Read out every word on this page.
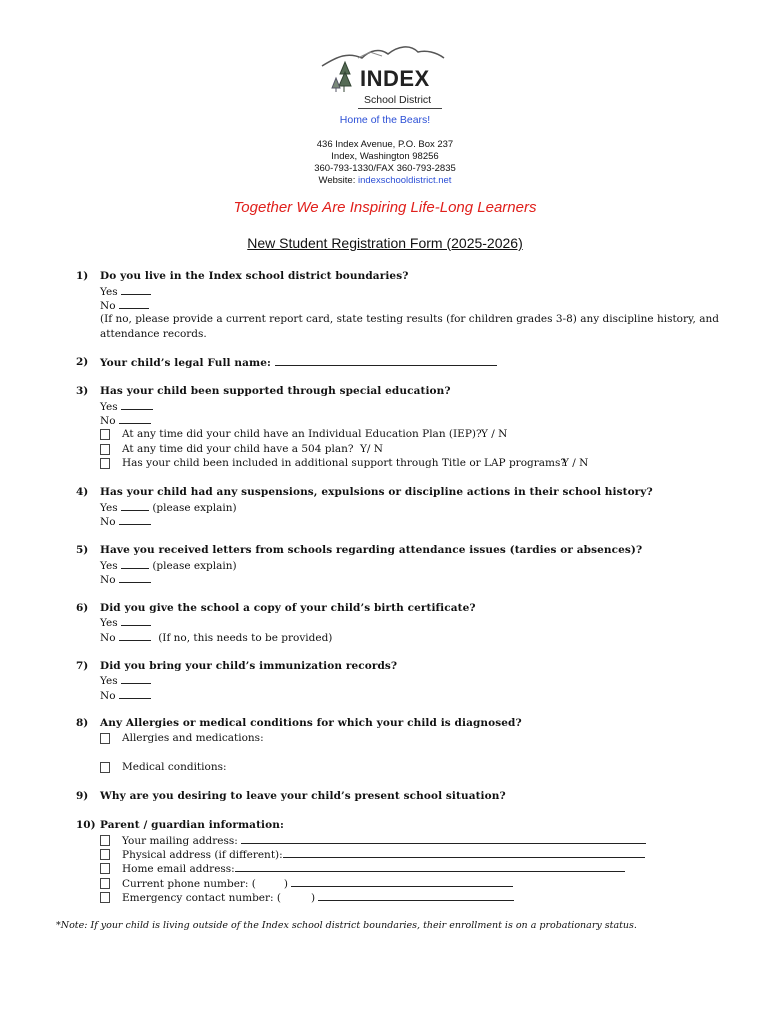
INDEX
School District
Home of the Bears!
436 Index Avenue, P.O. Box 237
Index, Washington 98256
360-793-1330/FAX 360-793-2835
Website: indexschooldistrict.net
Together We Are Inspiring Life-Long Learners
New Student Registration Form (2025-2026)
1) Do you live in the Index school district boundaries?
Yes
No
(If no, please provide a current report card, state testing results (for children grades 3-8) any discipline history, and
attendance records.
2) Your child’s legal Full name:
3) Has your child been supported through special education?
Yes
No
At any time did your child have an Individual Education Plan (IEP)? Y / N
At any time did your child have a 504 plan? Y/ N
Has your child been included in additional support through Title or LAP programs?
Y / N
4) Has your child had any suspensions, expulsions or discipline actions in their school history?
Yes	(please explain)
No
5) Have you received letters from schools regarding attendance issues (tardies or absences)?
Yes	(please explain)
No
6) Did you give the school a copy of your child’s birth certificate?
Yes
No	(If no, this needs to be provided)
7) Did you bring your child’s immunization records?
Yes
No
8) Any Allergies or medical conditions for which your child is diagnosed?
Allergies and medications:
Medical conditions:
9) Why are you desiring to leave your child’s present school situation?
10) Parent / guardian information:
Your mailing address:
Physical address (if different):
Home email address:
Current phone number: (	)
Emergency contact number: (	)
*Note: If your child is living outside of the Index school district boundaries, their enrollment is on a probationary status.
